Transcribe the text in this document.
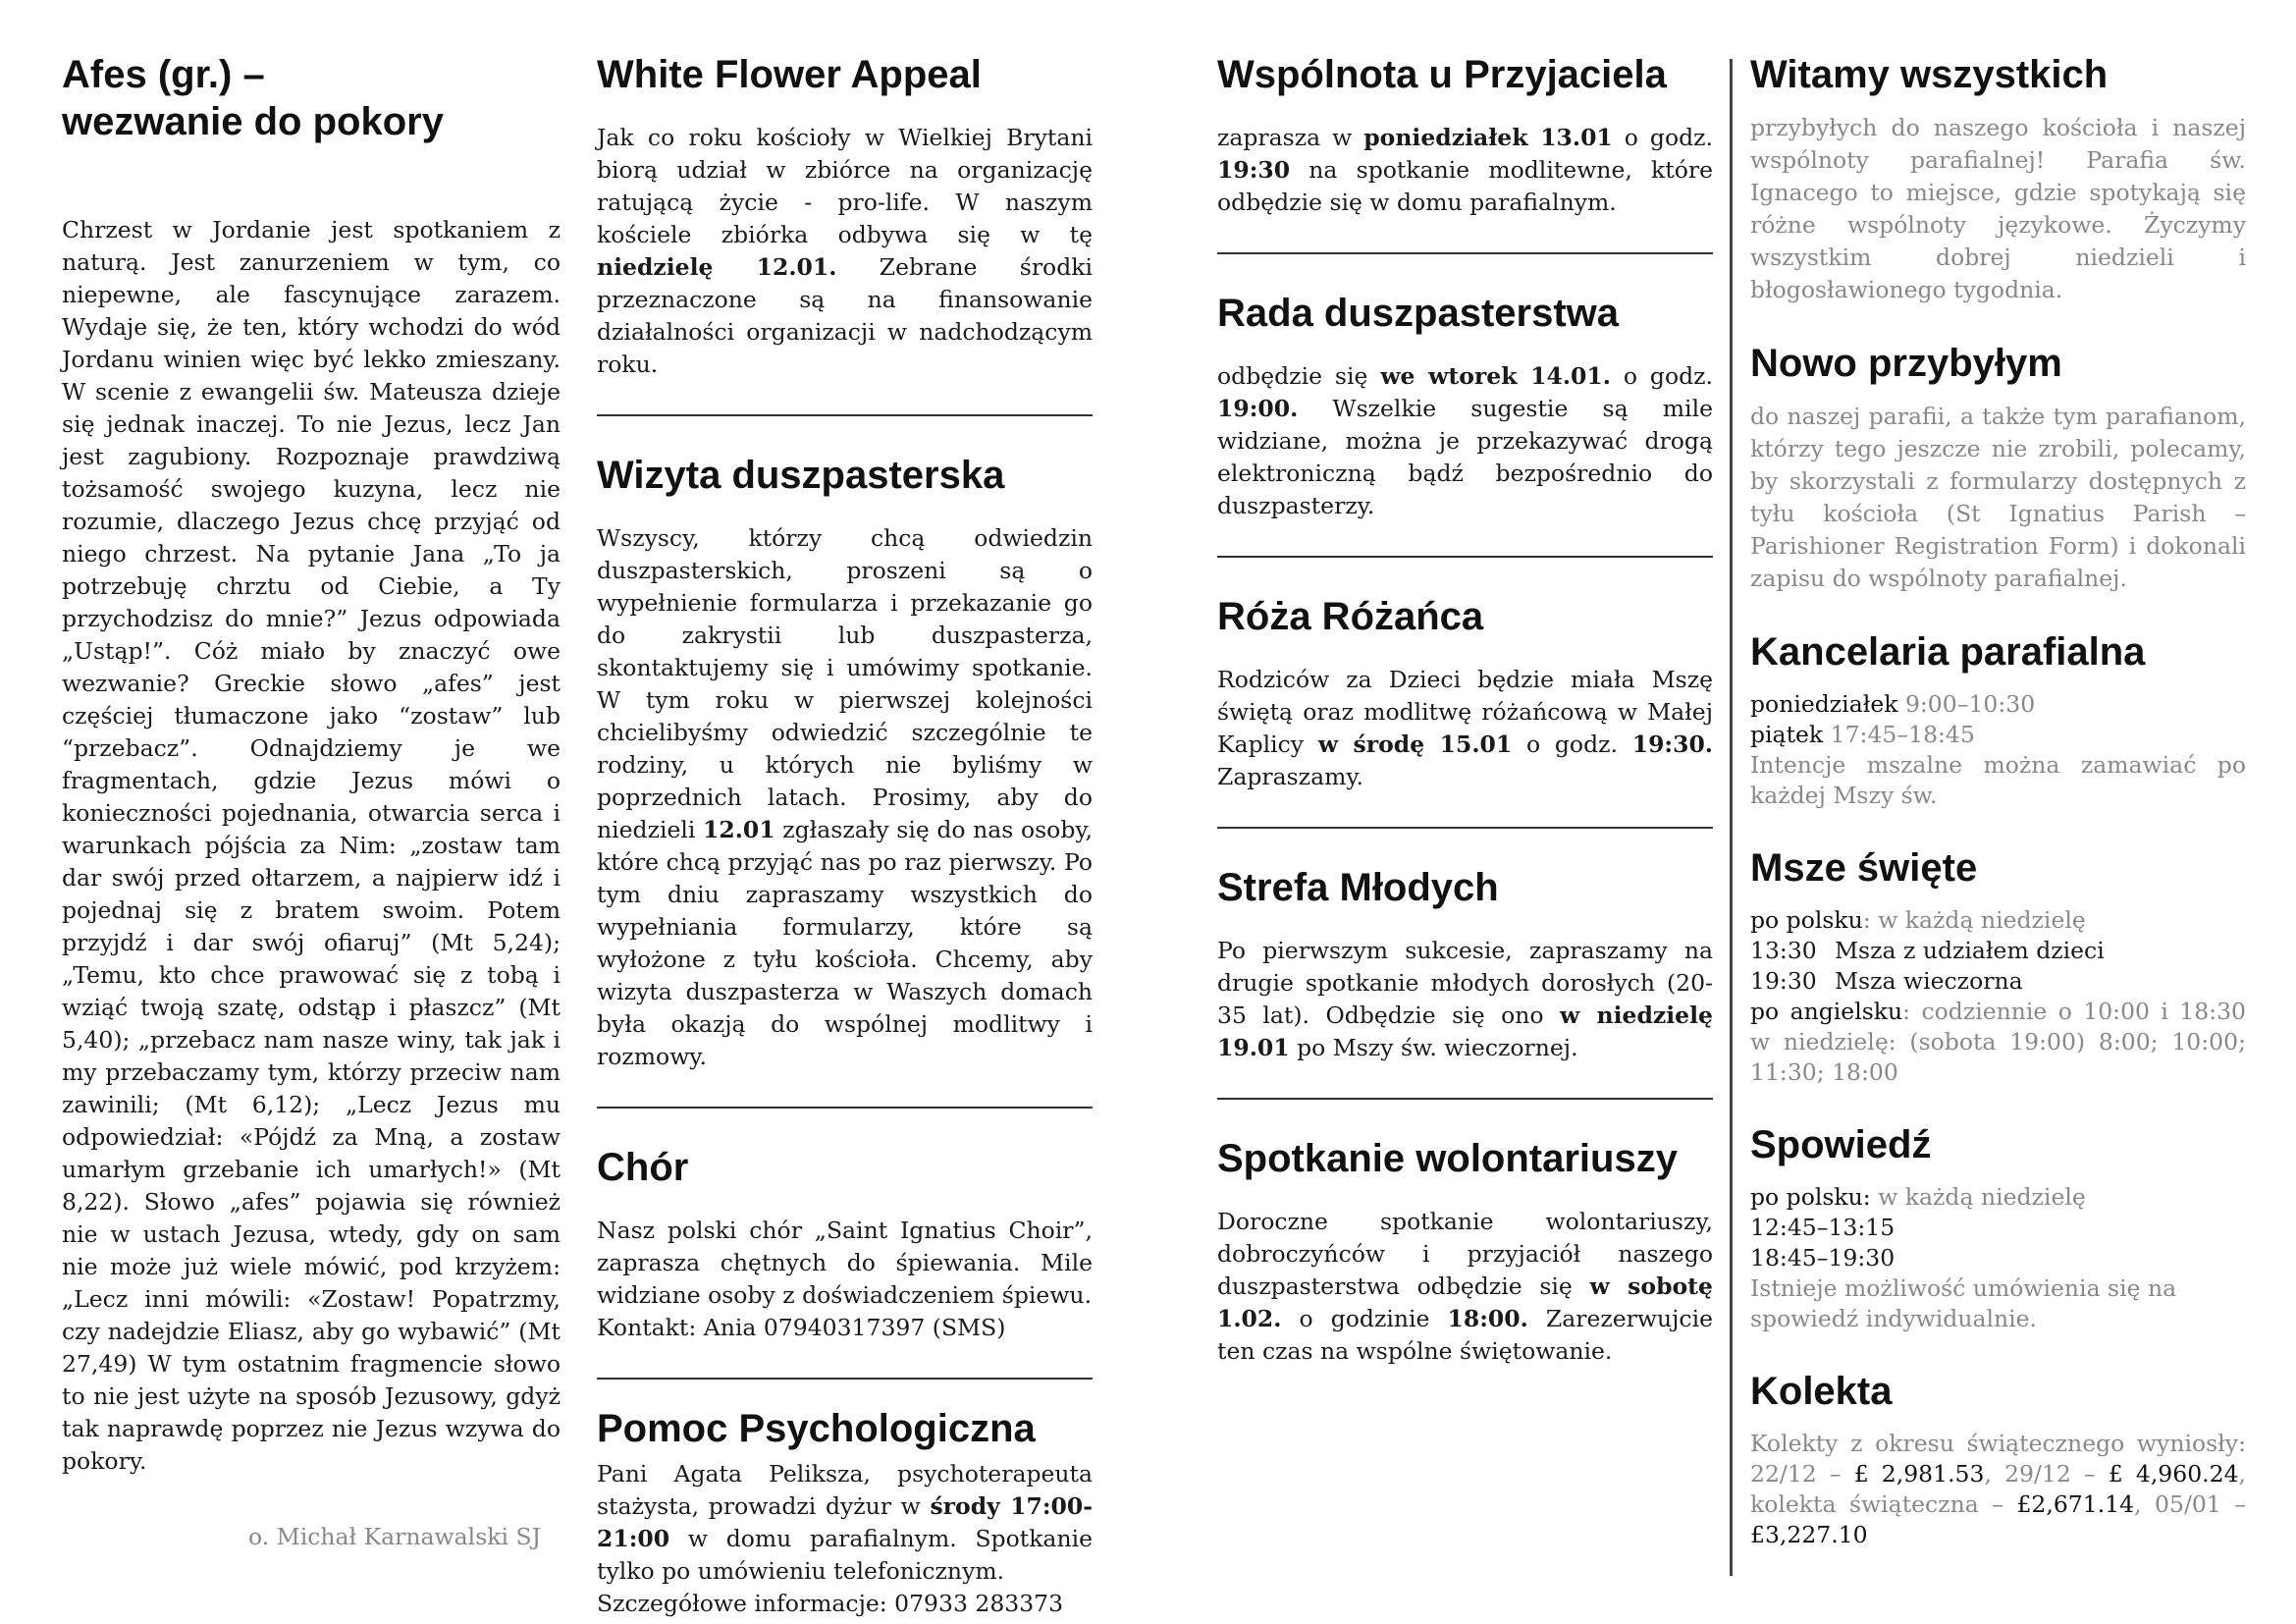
Afes (gr.) –
wezwanie do pokory

Chrzest w Jordanie jest spotkaniem z naturą. Jest zanurzeniem w tym, co niepewne, ale fascynujące zarazem. Wydaje się, że ten, który wchodzi do wód Jordanu winien więc być lekko zmieszany. W scenie z ewangelii św. Mateusza dzieje się jednak inaczej. To nie Jezus, lecz Jan jest zagubiony. Rozpoznaje prawdziwą tożsamość swojego kuzyna, lecz nie rozumie, dlaczego Jezus chcę przyjąć od niego chrzest. Na pytanie Jana „To ja potrzebuję chrztu od Ciebie, a Ty przychodzisz do mnie?” Jezus odpowiada „Ustąp!”. Cóż miało by znaczyć owe wezwanie? Greckie słowo „afes” jest częściej tłumaczone jako “zostaw” lub “przebacz”. Odnajdziemy je we fragmentach, gdzie Jezus mówi o konieczności pojednania, otwarcia serca i warunkach pójścia za Nim: „zostaw tam dar swój przed ołtarzem, a najpierw idź i pojednaj się z bratem swoim. Potem przyjdź i dar swój ofiaruj” (Mt 5,24); „Temu, kto chce prawować się z tobą i wziąć twoją szatę, odstąp i płaszcz” (Mt 5,40); „przebacz nam nasze winy, tak jak i my przebaczamy tym, którzy przeciw nam zawinili; (Mt 6,12); „Lecz Jezus mu odpowiedział: «Pójdź za Mną, a zostaw umarłym grzebanie ich umarłych!» (Mt 8,22). Słowo „afes” pojawia się również nie w ustach Jezusa, wtedy, gdy on sam nie może już wiele mówić, pod krzyżem: „Lecz inni mówili: «Zostaw! Popatrzmy, czy nadejdzie Eliasz, aby go wybawić” (Mt 27,49) W tym ostatnim fragmencie słowo to nie jest użyte na sposób Jezusowy, gdyż tak naprawdę poprzez nie Jezus wzywa do pokory.

o. Michał Karnawalski SJ

White Flower Appeal

Jak co roku kościoły w Wielkiej Brytani biorą udział w zbiórce na organizację ratującą życie - pro-life. W naszym kościele zbiórka odbywa się w tę niedzielę 12.01. Zebrane środki przeznaczone są na finansowanie działalności organizacji w nadchodzącym roku.

Wizyta duszpasterska

Wszyscy, którzy chcą odwiedzin duszpasterskich, proszeni są o wypełnienie formularza i przekazanie go do zakrystii lub duszpasterza, skontaktujemy się i umówimy spotkanie. W tym roku w pierwszej kolejności chcielibyśmy odwiedzić szczególnie te rodziny, u których nie byliśmy w poprzednich latach. Prosimy, aby do niedzieli 12.01 zgłaszały się do nas osoby, które chcą przyjąć nas po raz pierwszy. Po tym dniu zapraszamy wszystkich do wypełniania formularzy, które są wyłożone z tyłu kościoła. Chcemy, aby wizyta duszpasterza w Waszych domach była okazją do wspólnej modlitwy i rozmowy.

Chór

Nasz polski chór „Saint Ignatius Choir”, zaprasza chętnych do śpiewania. Mile widziane osoby z doświadczeniem śpiewu.

Kontakt: Ania 07940317397 (SMS)

Pomoc Psychologiczna

Pani Agata Peliksza, psychoterapeuta stażysta, prowadzi dyżur w środy 17:00-21:00 w domu parafialnym. Spotkanie tylko po umówieniu telefonicznym.

Szczegółowe informacje: 07933 283373

Wspólnota u Przyjaciela

zaprasza w poniedziałek 13.01 o godz. 19:30 na spotkanie modlitewne, które odbędzie się w domu parafialnym.

Rada duszpasterstwa

odbędzie się we wtorek 14.01. o godz. 19:00. Wszelkie sugestie są mile widziane, można je przekazywać drogą elektroniczną bądź bezpośrednio do duszpasterzy.

Róża Różańca

Rodziców za Dzieci będzie miała Mszę świętą oraz modlitwę różańcową w Małej Kaplicy w środę 15.01 o godz. 19:30. Zapraszamy.

Strefa Młodych

Po pierwszym sukcesie, zapraszamy na drugie spotkanie młodych dorosłych (20-35 lat). Odbędzie się ono w niedzielę 19.01 po Mszy św. wieczornej.

Spotkanie wolontariuszy

Doroczne spotkanie wolontariuszy, dobroczyńców i przyjaciół naszego duszpasterstwa odbędzie się w sobotę 1.02. o godzinie 18:00. Zarezerwujcie ten czas na wspólne świętowanie.

Witamy wszystkich

przybyłych do naszego kościoła i naszej wspólnoty parafialnej! Parafia św. Ignacego to miejsce, gdzie spotykają się różne wspólnoty językowe. Życzymy wszystkim dobrej niedzieli i błogosławionego tygodnia.

Nowo przybyłym

do naszej parafii, a także tym parafianom, którzy tego jeszcze nie zrobili, polecamy, by skorzystali z formularzy dostępnych z tyłu kościoła (St Ignatius Parish – Parishioner Registration Form) i dokonali zapisu do wspólnoty parafialnej.

Kancelaria parafialna
poniedziałek 9:00–10:30
piątek 17:45–18:45

Intencje mszalne można zamawiać po każdej Mszy św.

Msze święte
po polsku: w każdą niedzielę
13:30 Msza z udziałem dzieci
19:30 Msza wieczorna

po angielsku: codziennie o 10:00 i 18:30 w niedzielę: (sobota 19:00) 8:00; 10:00; 11:30; 18:00

Spowiedź
po polsku: w każdą niedzielę
12:45–13:15
18:45–19:30

Istnieje możliwość umówienia się na spowiedź indywidualnie.

Kolekta

Kolekty z okresu świątecznego wyniosły: 22/12 – £ 2,981.53, 29/12 – £ 4,960.24, kolekta świąteczna – £2,671.14, 05/01 – £3,227.10
